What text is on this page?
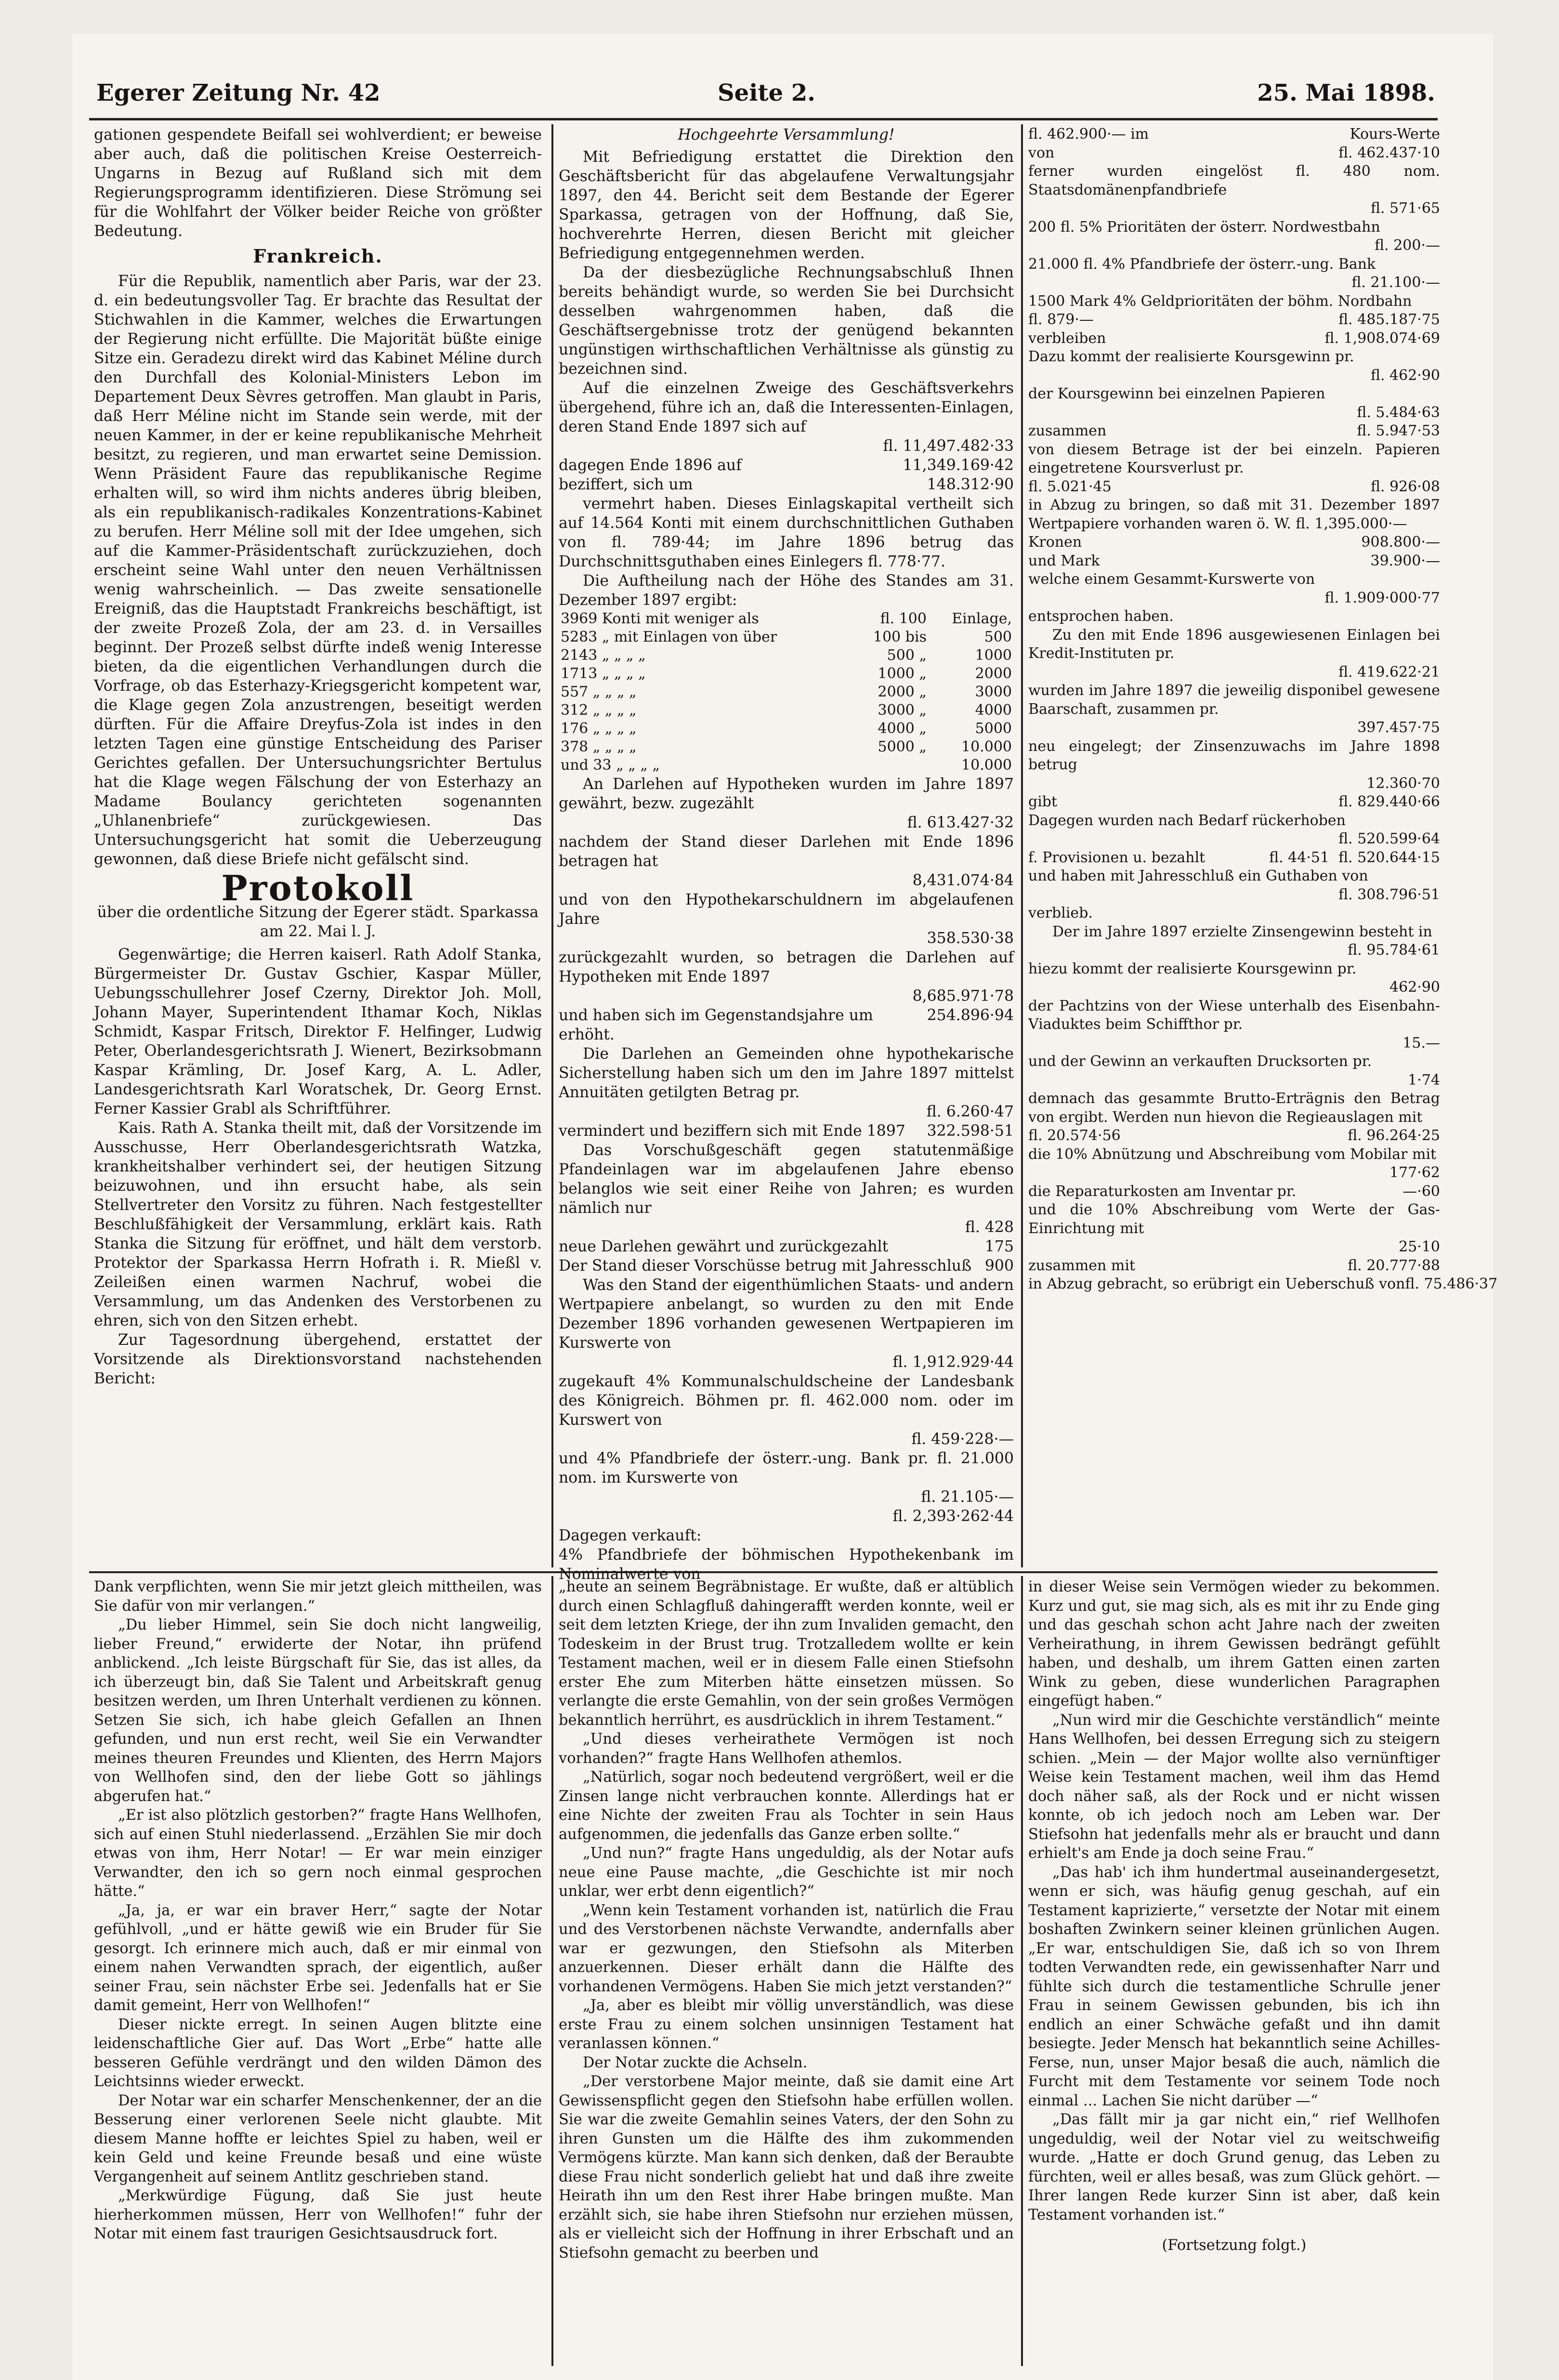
Egerer Zeitung Nr. 42	Seite 2.	25. Mai 1898.

gationen gespendete Beifall sei wohlverdient; er beweise aber auch, daß die politischen Kreise Oesterreich-Ungarns in Bezug auf Rußland sich mit dem Regierungsprogramm identifizieren. Diese Strömung sei für die Wohlfahrt der Völker beider Reiche von größter Bedeutung.

Frankreich.

Für die Republik, namentlich aber Paris, war der 23. d. ein bedeutungsvoller Tag. Er brachte das Resultat der Stichwahlen in die Kammer, welches die Erwartungen der Regierung nicht erfüllte. Die Majorität büßte einige Sitze ein. Geradezu direkt wird das Kabinet Méline durch den Durchfall des Kolonial-Ministers Lebon im Departement Deux Sèvres getroffen. Man glaubt in Paris, daß Herr Méline nicht im Stande sein werde, mit der neuen Kammer, in der er keine republikanische Mehrheit besitzt, zu regieren, und man erwartet seine Demission. Wenn Präsident Faure das republikanische Regime erhalten will, so wird ihm nichts anderes übrig bleiben, als ein republikanisch-radikales Konzentrations-Kabinet zu berufen. Herr Méline soll mit der Idee umgehen, sich auf die Kammer-Präsidentschaft zurückzuziehen, doch erscheint seine Wahl unter den neuen Verhältnissen wenig wahrscheinlich. — Das zweite sensationelle Ereigniß, das die Hauptstadt Frankreichs beschäftigt, ist der zweite Prozeß Zola, der am 23. d. in Versailles beginnt. Der Prozeß selbst dürfte indeß wenig Interesse bieten, da die eigentlichen Verhandlungen durch die Vorfrage, ob das Esterhazy-Kriegsgericht kompetent war, die Klage gegen Zola anzustrengen, beseitigt werden dürften. Für die Affaire Dreyfus-Zola ist indes in den letzten Tagen eine günstige Entscheidung des Pariser Gerichtes gefallen. Der Untersuchungsrichter Bertulus hat die Klage wegen Fälschung der von Esterhazy an Madame Boulancy gerichteten sogenannten „Uhlanenbriefe“ zurückgewiesen. Das Untersuchungsgericht hat somit die Ueberzeugung gewonnen, daß diese Briefe nicht gefälscht sind.

Protokoll

über die ordentliche Sitzung der Egerer städt. Sparkassa am 22. Mai l. J.

Gegenwärtige; die Herren kaiserl. Rath Adolf Stanka, Bürgermeister Dr. Gustav Gschier, Kaspar Müller, Uebungsschullehrer Josef Czerny, Direktor Joh. Moll, Johann Mayer, Superintendent Ithamar Koch, Niklas Schmidt, Kaspar Fritsch, Direktor F. Helfinger, Ludwig Peter, Oberlandesgerichtsrath J. Wienert, Bezirksobmann Kaspar Krämling, Dr. Josef Karg, A. L. Adler, Landesgerichtsrath Karl Woratschek, Dr. Georg Ernst. Ferner Kassier Grabl als Schriftführer.

Kais. Rath A. Stanka theilt mit, daß der Vorsitzende im Ausschusse, Herr Oberlandesgerichtsrath Watzka, krankheitshalber verhindert sei, der heutigen Sitzung beizuwohnen, und ihn ersucht habe, als sein Stellvertreter den Vorsitz zu führen. Nach festgestellter Beschlußfähigkeit der Versammlung, erklärt kais. Rath Stanka die Sitzung für eröffnet, und hält dem verstorb. Protektor der Sparkassa Herrn Hofrath i. R. Mießl v. Zeileißen einen warmen Nachruf, wobei die Versammlung, um das Andenken des Verstorbenen zu ehren, sich von den Sitzen erhebt.

Zur Tagesordnung übergehend, erstattet der Vorsitzende als Direktionsvorstand nachstehenden Bericht:

Hochgeehrte Versammlung!

Mit Befriedigung erstattet die Direktion den Geschäftsbericht für das abgelaufene Verwaltungsjahr 1897, den 44. Bericht seit dem Bestande der Egerer Sparkassa, getragen von der Hoffnung, daß Sie, hochverehrte Herren, diesen Bericht mit gleicher Befriedigung entgegennehmen werden.

Da der diesbezügliche Rechnungsabschluß Ihnen bereits behändigt wurde, so werden Sie bei Durchsicht desselben wahrgenommen haben, daß die Geschäftsergebnisse trotz der genügend bekannten ungünstigen wirthschaftlichen Verhältnisse als günstig zu bezeichnen sind.

Auf die einzelnen Zweige des Geschäftsverkehrs übergehend, führe ich an, daß die Interessenten-Einlagen, deren Stand Ende 1897 sich auf

fl. 11,497.482·33
dagegen Ende 1896 auf	11,349.169·42
beziffert, sich um	148.312·90

vermehrt haben. Dieses Einlagskapital vertheilt sich auf 14.564 Konti mit einem durchschnittlichen Guthaben von fl. 789·44; im Jahre 1896 betrug das Durchschnittsguthaben eines Einlegers fl. 778·77.

Die Auftheilung nach der Höhe des Standes am 31. Dezember 1897 ergibt:

3969 Konti mit weniger als	fl. 100	Einlage,
5283 „ mit Einlagen von über	100 bis	500
2143 „ „ „ „	500 „	1000
1713 „ „ „ „	1000 „	2000
557 „ „ „ „	2000 „	3000
312 „ „ „ „	3000 „	4000
176 „ „ „ „	4000 „	5000
378 „ „ „ „	5000 „	10.000
und 33 „ „ „ „		10.000

An Darlehen auf Hypotheken wurden im Jahre 1897 gewährt, bezw. zugezählt

fl. 613.427·32

nachdem der Stand dieser Darlehen mit Ende 1896 betragen hat

8,431.074·84

und von den Hypothekarschuldnern im abgelaufenen Jahre

358.530·38

zurückgezahlt wurden, so betragen die Darlehen auf Hypotheken mit Ende 1897

8,685.971·78

und haben sich im Gegenstandsjahre um	254.896·94

erhöht.

Die Darlehen an Gemeinden ohne hypothekarische Sicherstellung haben sich um den im Jahre 1897 mittelst Annuitäten getilgten Betrag pr.

fl. 6.260·47

vermindert und beziffern sich mit Ende 1897 322.598·51

Das Vorschußgeschäft gegen statutenmäßige Pfandeinlagen war im abgelaufenen Jahre ebenso belanglos wie seit einer Reihe von Jahren; es wurden nämlich nur

fl. 428

neue Darlehen gewährt und zurückgezahlt	175
Der Stand dieser Vorschüsse betrug mit Jahresschluß 900

Was den Stand der eigenthümlichen Staats- und andern Wertpapiere anbelangt, so wurden zu den mit Ende Dezember 1896 vorhanden gewesenen Wertpapieren im Kurswerte von

fl. 1,912.929·44

zugekauft 4% Kommunalschuldscheine der Landesbank des Königreich. Böhmen pr. fl. 462.000 nom. oder im Kurswert von

fl. 459·228·—

und 4% Pfandbriefe der österr.-ung. Bank pr. fl. 21.000 nom. im Kurswerte von

fl. 21.105·—

fl. 2,393·262·44

Dagegen verkauft:

4% Pfandbriefe der böhmischen Hypothekenbank im Nominalwerte von

fl. 462.900·— im	Kours-Werte
von	fl. 462.437·10

ferner wurden eingelöst fl. 480 nom. Staatsdomänenpfandbriefe

fl. 571·65

200 fl. 5% Prioritäten der österr. Nordwestbahn

fl. 200·—

21.000 fl. 4% Pfandbriefe der österr.-ung. Bank

fl. 21.100·—

1500 Mark 4% Geldprioritäten der böhm. Nordbahn

fl. 879·—	fl. 485.187·75
verbleiben	fl. 1,908.074·69

Dazu kommt der realisierte Koursgewinn pr.

fl. 462·90

der Koursgewinn bei einzelnen Papieren

fl. 5.484·63

zusammen	fl. 5.947·53

von diesem Betrage ist der bei einzeln. Papieren eingetretene Koursverlust pr.

fl. 5.021·45	fl. 926·08

in Abzug zu bringen, so daß mit 31. Dezember 1897 Wertpapiere vorhanden waren ö. W. fl. 1,395.000·—

Kronen	908.800·—
und Mark	39.900·—

welche einem Gesammt-Kurswerte von

fl. 1.909·000·77

entsprochen haben.

Zu den mit Ende 1896 ausgewiesenen Einlagen bei Kredit-Instituten pr.

fl. 419.622·21

wurden im Jahre 1897 die jeweilig disponibel gewesene Baarschaft, zusammen pr.

397.457·75

neu eingelegt; der Zinsenzuwachs im Jahre 1898 betrug

12.360·70

gibt	fl. 829.440·66

Dagegen wurden nach Bedarf rückerhoben

fl. 520.599·64

f. Provisionen u. bezahlt	fl. 44·51 fl. 520.644·15

und haben mit Jahresschluß ein Guthaben von

fl. 308.796·51

verblieb.

Der im Jahre 1897 erzielte Zinsengewinn besteht in

fl. 95.784·61

hiezu kommt der realisierte Koursgewinn pr.

462·90

der Pachtzins von der Wiese unterhalb des Eisenbahn-Viaduktes beim Schiffthor pr.

15.—

und der Gewinn an verkauften Drucksorten pr.

1·74

demnach das gesammte Brutto-Erträgnis den Betrag von ergibt. Werden nun hievon die Regieauslagen mit

fl. 20.574·56	fl. 96.264·25

die 10% Abnützung und Abschreibung vom Mobilar mit

177·62

die Reparaturkosten am Inventar pr.	—·60

und die 10% Abschreibung vom Werte der Gas-Einrichtung mit

25·10

zusammen mit	fl. 20.777·88
in Abzug gebracht, so erübrigt ein Ueberschuß von fl. 75.486·37

Dank verpflichten, wenn Sie mir jetzt gleich mittheilen, was Sie dafür von mir verlangen.“

„Du lieber Himmel, sein Sie doch nicht langweilig, lieber Freund,“ erwiderte der Notar, ihn prüfend anblickend. „Ich leiste Bürgschaft für Sie, das ist alles, da ich überzeugt bin, daß Sie Talent und Arbeitskraft genug besitzen werden, um Ihren Unterhalt verdienen zu können. Setzen Sie sich, ich habe gleich Gefallen an Ihnen gefunden, und nun erst recht, weil Sie ein Verwandter meines theuren Freundes und Klienten, des Herrn Majors von Wellhofen sind, den der liebe Gott so jählings abgerufen hat.“

„Er ist also plötzlich gestorben?“ fragte Hans Wellhofen, sich auf einen Stuhl niederlassend. „Erzählen Sie mir doch etwas von ihm, Herr Notar! — Er war mein einziger Verwandter, den ich so gern noch einmal gesprochen hätte.“

„Ja, ja, er war ein braver Herr,“ sagte der Notar gefühlvoll, „und er hätte gewiß wie ein Bruder für Sie gesorgt. Ich erinnere mich auch, daß er mir einmal von einem nahen Verwandten sprach, der eigentlich, außer seiner Frau, sein nächster Erbe sei. Jedenfalls hat er Sie damit gemeint, Herr von Wellhofen!“

Dieser nickte erregt. In seinen Augen blitzte eine leidenschaftliche Gier auf. Das Wort „Erbe“ hatte alle besseren Gefühle verdrängt und den wilden Dämon des Leichtsinns wieder erweckt.

Der Notar war ein scharfer Menschenkenner, der an die Besserung einer verlorenen Seele nicht glaubte. Mit diesem Manne hoffte er leichtes Spiel zu haben, weil er kein Geld und keine Freunde besaß und eine wüste Vergangenheit auf seinem Antlitz geschrieben stand.

„Merkwürdige Fügung, daß Sie just heute hierherkommen müssen, Herr von Wellhofen!“ fuhr der Notar mit einem fast traurigen Gesichtsausdruck fort.

„heute an seinem Begräbnistage. Er wußte, daß er altüblich durch einen Schlagfluß dahingerafft werden konnte, weil er seit dem letzten Kriege, der ihn zum Invaliden gemacht, den Todeskeim in der Brust trug. Trotzalledem wollte er kein Testament machen, weil er in diesem Falle einen Stiefsohn erster Ehe zum Miterben hätte einsetzen müssen. So verlangte die erste Gemahlin, von der sein großes Vermögen bekanntlich herrührt, es ausdrücklich in ihrem Testament.“

„Und dieses verheirathete Vermögen ist noch vorhanden?“ fragte Hans Wellhofen athemlos.

„Natürlich, sogar noch bedeutend vergrößert, weil er die Zinsen lange nicht verbrauchen konnte. Allerdings hat er eine Nichte der zweiten Frau als Tochter in sein Haus aufgenommen, die jedenfalls das Ganze erben sollte.“

„Und nun?“ fragte Hans ungeduldig, als der Notar aufs neue eine Pause machte, „die Geschichte ist mir noch unklar, wer erbt denn eigentlich?“

„Wenn kein Testament vorhanden ist, natürlich die Frau und des Verstorbenen nächste Verwandte, andernfalls aber war er gezwungen, den Stiefsohn als Miterben anzuerkennen. Dieser erhält dann die Hälfte des vorhandenen Vermögens. Haben Sie mich jetzt verstanden?“

„Ja, aber es bleibt mir völlig unverständlich, was diese erste Frau zu einem solchen unsinnigen Testament hat veranlassen können.“

Der Notar zuckte die Achseln.

„Der verstorbene Major meinte, daß sie damit eine Art Gewissenspflicht gegen den Stiefsohn habe erfüllen wollen. Sie war die zweite Gemahlin seines Vaters, der den Sohn zu ihren Gunsten um die Hälfte des ihm zukommenden Vermögens kürzte. Man kann sich denken, daß der Beraubte diese Frau nicht sonderlich geliebt hat und daß ihre zweite Heirath ihn um den Rest ihrer Habe bringen mußte. Man erzählt sich, sie habe ihren Stiefsohn nur erziehen müssen, als er vielleicht sich der Hoffnung in ihrer Erbschaft und an Stiefsohn gemacht zu beerben und

in dieser Weise sein Vermögen wieder zu bekommen. Kurz und gut, sie mag sich, als es mit ihr zu Ende ging und das geschah schon acht Jahre nach der zweiten Verheirathung, in ihrem Gewissen bedrängt gefühlt haben, und deshalb, um ihrem Gatten einen zarten Wink zu geben, diese wunderlichen Paragraphen eingefügt haben.“

„Nun wird mir die Geschichte verständlich“ meinte Hans Wellhofen, bei dessen Erregung sich zu steigern schien. „Mein — der Major wollte also vernünftiger Weise kein Testament machen, weil ihm das Hemd doch näher saß, als der Rock und er nicht wissen konnte, ob ich jedoch noch am Leben war. Der Stiefsohn hat jedenfalls mehr als er braucht und dann erhielt's am Ende ja doch seine Frau.“

„Das hab' ich ihm hundertmal auseinandergesetzt, wenn er sich, was häufig genug geschah, auf ein Testament kaprizierte,“ versetzte der Notar mit einem boshaften Zwinkern seiner kleinen grünlichen Augen. „Er war, entschuldigen Sie, daß ich so von Ihrem todten Verwandten rede, ein gewissenhafter Narr und fühlte sich durch die testamentliche Schrulle jener Frau in seinem Gewissen gebunden, bis ich ihn endlich an einer Schwäche gefaßt und ihn damit besiegte. Jeder Mensch hat bekanntlich seine Achilles-Ferse, nun, unser Major besaß die auch, nämlich die Furcht mit dem Testamente vor seinem Tode noch einmal ... Lachen Sie nicht darüber —“

„Das fällt mir ja gar nicht ein,“ rief Wellhofen ungeduldig, weil der Notar viel zu weitschweifig wurde. „Hatte er doch Grund genug, das Leben zu fürchten, weil er alles besaß, was zum Glück gehört. — Ihrer langen Rede kurzer Sinn ist aber, daß kein Testament vorhanden ist.“

(Fortsetzung folgt.)
